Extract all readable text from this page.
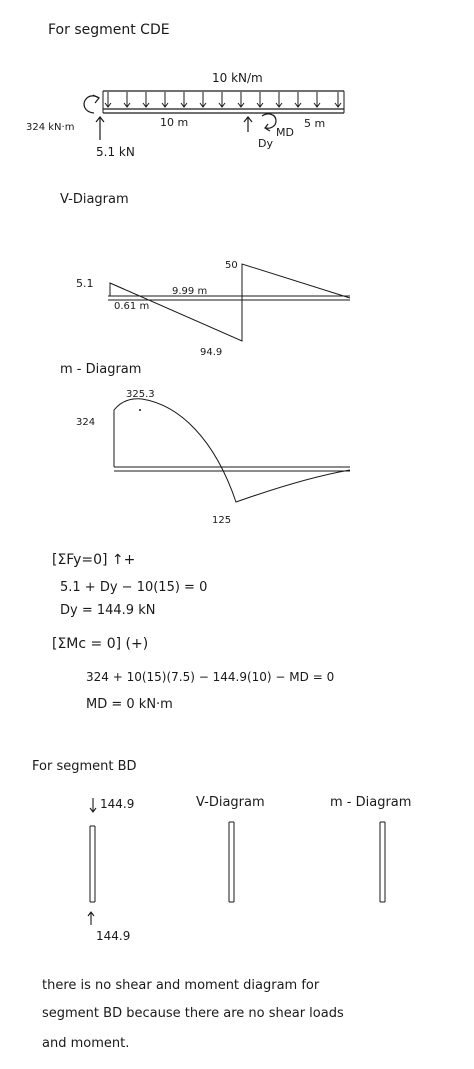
For segment CDE
10 kN/m
324 kN·m
5.1 kN
10 m
Dy
MD
5 m
V-Diagram
5.1
0.61 m
9.99 m
94.9
50
m - Diagram
324
325.3
125
[ΣFy=0] ↑+
5.1 + Dy − 10(15) = 0
Dy = 144.9 kN
[ΣMc = 0] (+)
324 + 10(15)(7.5) − 144.9(10) − MD = 0
MD = 0 kN·m
For segment BD
144.9
144.9
V-Diagram	m - Diagram
there is no shear and moment diagram for
segment BD because there are no shear loads
and moment.
